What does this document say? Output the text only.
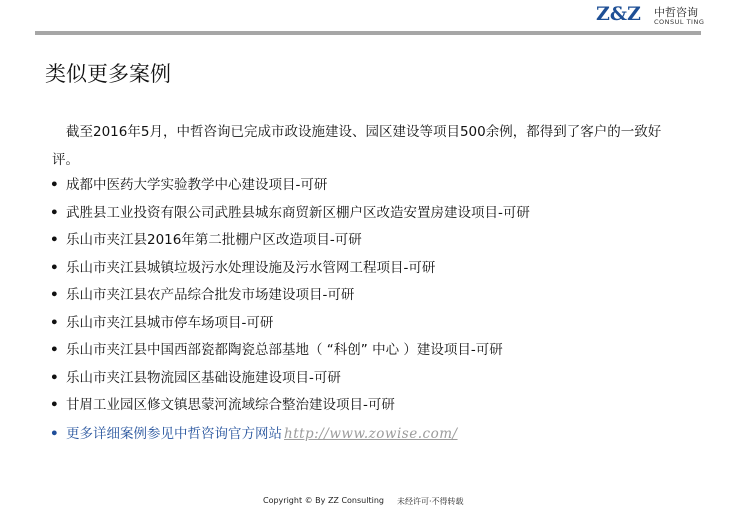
Z&Z 中哲咨询
CONSUL TING
类似更多案例
截至2016年5月，中哲咨询已完成市政设施建设、园区建设等项目500余例，都得到了客户的一致好评。
• 成都中医药大学实验教学中心建设项目-可研
• 武胜县工业投资有限公司武胜县城东商贸新区棚户区改造安置房建设项目-可研
• 乐山市夹江县2016年第二批棚户区改造项目-可研
• 乐山市夹江县城镇垃圾污水处理设施及污水管网工程项目-可研
• 乐山市夹江县农产品综合批发市场建设项目-可研
• 乐山市夹江县城市停车场项目-可研
• 乐山市夹江县中国西部瓷都陶瓷总部基地（ “科创” 中心 ）建设项目-可研
• 乐山市夹江县物流园区基础设施建设项目-可研
• 甘眉工业园区修文镇思蒙河流域综合整治建设项目-可研
• 更多详细案例参见中哲咨询官方网站 http://www.zowise.com/
Copyright © By ZZ Consulting 未经许可·不得转载
